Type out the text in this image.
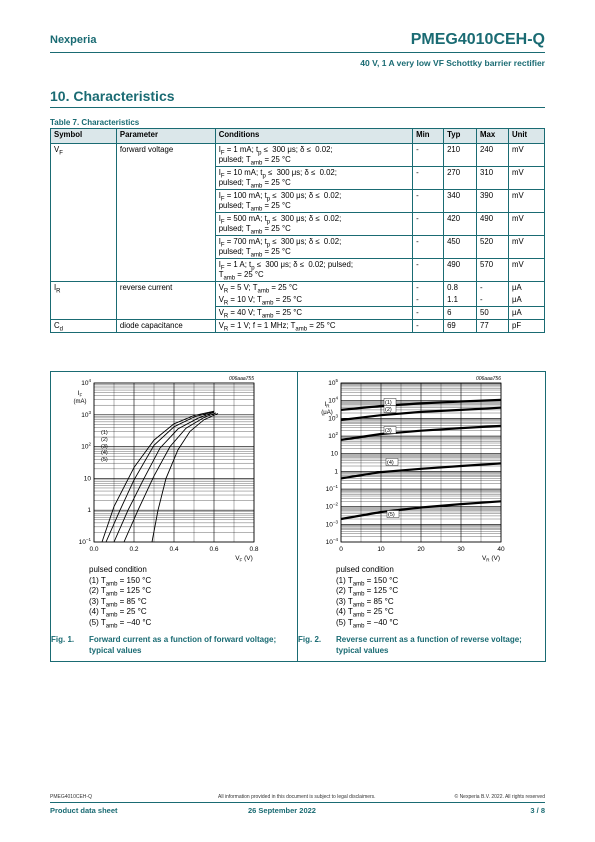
Nexperia	PMEG4010CEH-Q
40 V, 1 A very low VF Schottky barrier rectifier
10. Characteristics
Table 7. Characteristics
Symbol	Parameter	Conditions	Min	Typ	Max	Unit
$V_F$	forward voltage	$I_F = 1$ mA; $t_p \le 300$ μs; δ ≤  0.02;
pulsed; $T_{amb} = 25$ °C	-	210	240	mV
		$I_F = 10$ mA; $t_p \le 300$ μs; δ ≤  0.02;
pulsed; $T_{amb} = 25$ °C	-	270	310	mV
		$I_F = 100$ mA; $t_p \le 300$ μs; δ ≤  0.02;
pulsed; $T_{amb} = 25$ °C	-	340	390	mV
		$I_F = 500$ mA; $t_p \le 300$ μs; δ ≤  0.02;
pulsed; $T_{amb} = 25$ °C	-	420	490	mV
		$I_F = 700$ mA; $t_p \le 300$ μs; δ ≤  0.02;
pulsed; $T_{amb} = 25$ °C	-	450	520	mV
		$I_F = 1$ A; $t_p \le 300$ μs; δ ≤  0.02; pulsed;
$T_{amb} = 25$ °C	-	490	570	mV
$I_R$	reverse current	$V_R = 5$ V; $T_{amb} = 25$ °C	-	0.8	-	μA
		$V_R = 10$ V; $T_{amb} = 25$ °C	-	1.1	-	μA
		$V_R = 40$ V; $T_{amb} = 25$ °C	-	6	50	μA
$C_d$	diode capacitance	$V_R = 1$ V; f = 1 MHz; $T_{amb} = 25$ °C	-	69	77	pF
0.0	0.2	0.4	0.6	0.8
$10^{-1}$
1
10
$10^2$
$10^3$
$10^4$
(1)
(2)
(3)
(4)
(5)
$I_F$
(mA)
$V_F$ (V)
006aaa755
pulsed condition
(1) $T_{amb} = 150$ °C
(2) $T_{amb} = 125$ °C
(3) $T_{amb} = 85$ °C
(4) $T_{amb} = 25$ °C
(5) $T_{amb} = -40$ °C
Fig. 1. Forward current as a function of forward voltage; typical values
0	10	20	30	40
$10^{-4}$
$10^{-3}$
$10^{-2}$
$10^{-1}$
1
10
$10^2$
$10^3$
$10^4$
$10^5$
(1)
(2)
(3)
(4)
(5)
$I_R$
(μA)
$V_R$ (V)
006aaa756
pulsed condition
(1) $T_{amb} = 150$ °C
(2) $T_{amb} = 125$ °C
(3) $T_{amb} = 85$ °C
(4) $T_{amb} = 25$ °C
(5) $T_{amb} = -40$ °C
Fig. 2. Reverse current as a function of reverse voltage; typical values
PMEG4010CEH-Q	All information provided in this document is subject to legal disclaimers.	© Nexperia B.V. 2022. All rights reserved
Product data sheet	26 September 2022	3 / 8
